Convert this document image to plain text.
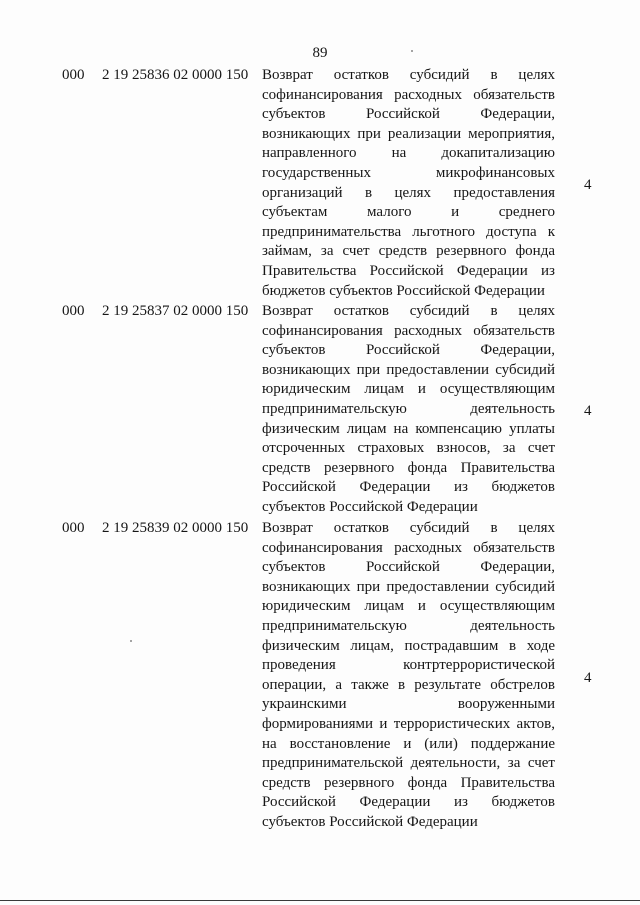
89
000 2 19 25836 02 0000 150 Возврат остатков субсидий в целях софинансирования расходных обязательств субъектов Российской Федерации, возникающих при реализации мероприятия, направленного на докапитализацию государственных микрофинансовых организаций в целях предоставления субъектам малого и среднего предпринимательства льготного доступа к займам, за счет средств резервного фонда Правительства Российской Федерации из бюджетов субъектов Российской Федерации
4
000 2 19 25837 02 0000 150 Возврат остатков субсидий в целях софинансирования расходных обязательств субъектов Российской Федерации, возникающих при предоставлении субсидий юридическим лицам и осуществляющим предпринимательскую деятельность физическим лицам на компенсацию уплаты отсроченных страховых взносов, за счет средств резервного фонда Правительства Российской Федерации из бюджетов субъектов Российской Федерации
4
000 2 19 25839 02 0000 150 Возврат остатков субсидий в целях софинансирования расходных обязательств субъектов Российской Федерации, возникающих при предоставлении субсидий юридическим лицам и осуществляющим предпринимательскую деятельность физическим лицам, пострадавшим в ходе проведения контртеррористической операции, а также в результате обстрелов украинскими вооруженными формированиями и террористических актов, на восстановление и (или) поддержание предпринимательской деятельности, за счет средств резервного фонда Правительства Российской Федерации из бюджетов субъектов Российской Федерации
4
